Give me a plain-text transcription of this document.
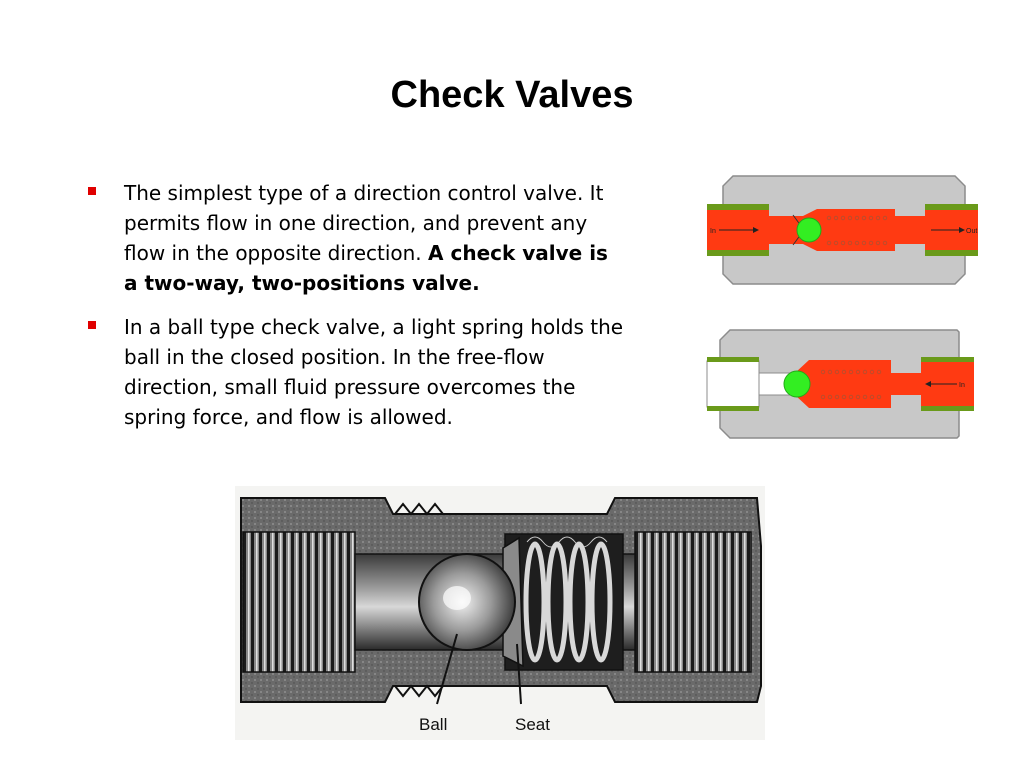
Check Valves
The simplest type of a direction control valve. It permits flow in one direction, and prevent any flow in the opposite direction. A check valve is a two-way, two-positions valve.
In a ball type check valve, a light spring holds the ball in the closed position. In the free-flow direction, small fluid pressure overcomes the spring force, and flow is allowed.
In	Out
In
Ball	Seat
